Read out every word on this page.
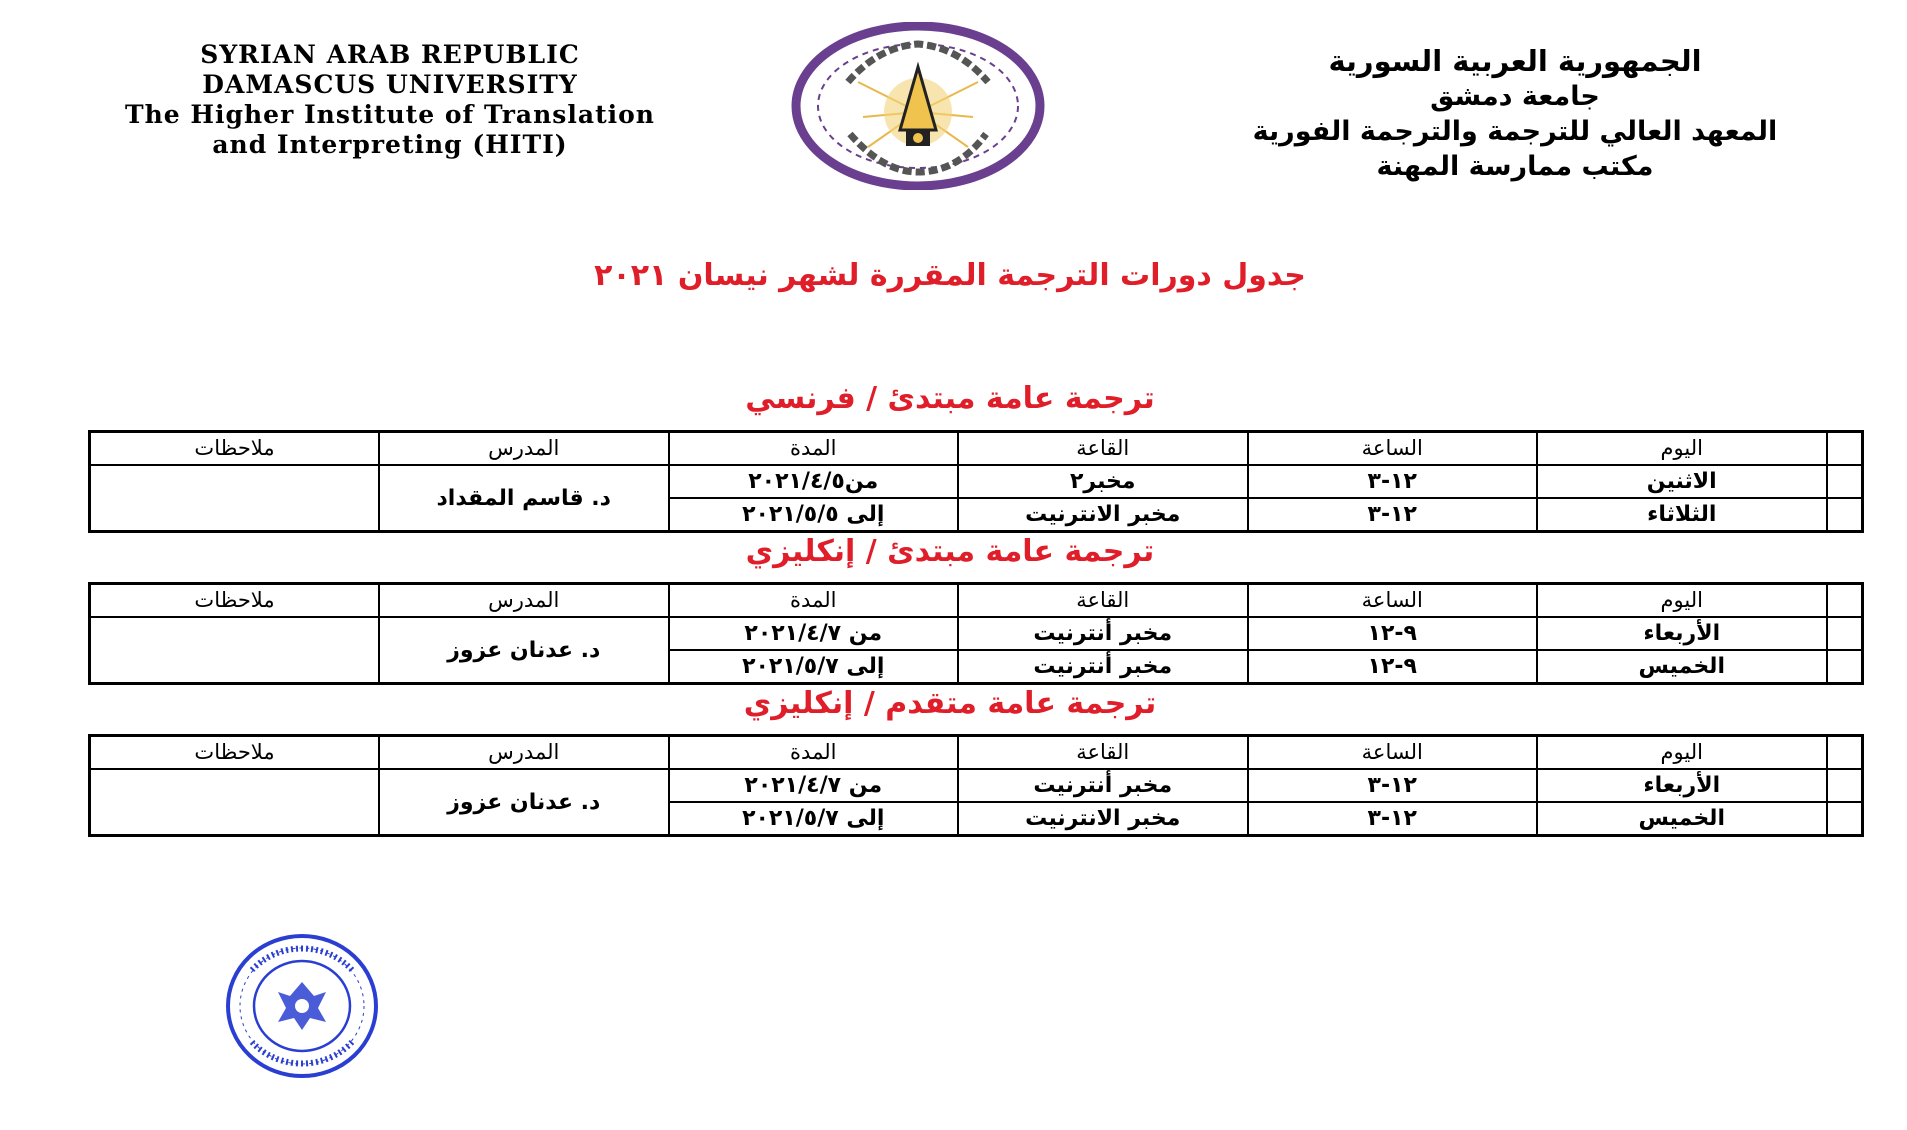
SYRIAN ARAB REPUBLIC
DAMASCUS UNIVERSITY
The Higher Institute of Translation
and Interpreting (HITI)
الجمهورية العربية السورية
جامعة دمشق
المعهد العالي للترجمة والترجمة الفورية
مكتب ممارسة المهنة
جدول دورات الترجمة المقررة لشهر نيسان ٢٠٢١
ترجمة عامة مبتدئ / فرنسي
	اليوم	الساعة	القاعة	المدة	المدرس	ملاحظات
	الاثنين	١٢-٣	مخبر٢	من٢٠٢١/٤/٥	د. قاسم المقداد	
	الثلاثاء	١٢-٣	مخبر الانترنيت	إلى ٢٠٢١/٥/٥		
ترجمة عامة مبتدئ / إنكليزي
	اليوم	الساعة	القاعة	المدة	المدرس	ملاحظات
	الأربعاء	٩-١٢	مخبر أنترنيت	من ٢٠٢١/٤/٧	د. عدنان عزوز	
	الخميس	٩-١٢	مخبر أنترنيت	إلى ٢٠٢١/٥/٧		
ترجمة عامة متقدم / إنكليزي
	اليوم	الساعة	القاعة	المدة	المدرس	ملاحظات
	الأربعاء	١٢-٣	مخبر أنترنيت	من ٢٠٢١/٤/٧	د. عدنان عزوز	
	الخميس	١٢-٣	مخبر الانترنيت	إلى ٢٠٢١/٥/٧		
